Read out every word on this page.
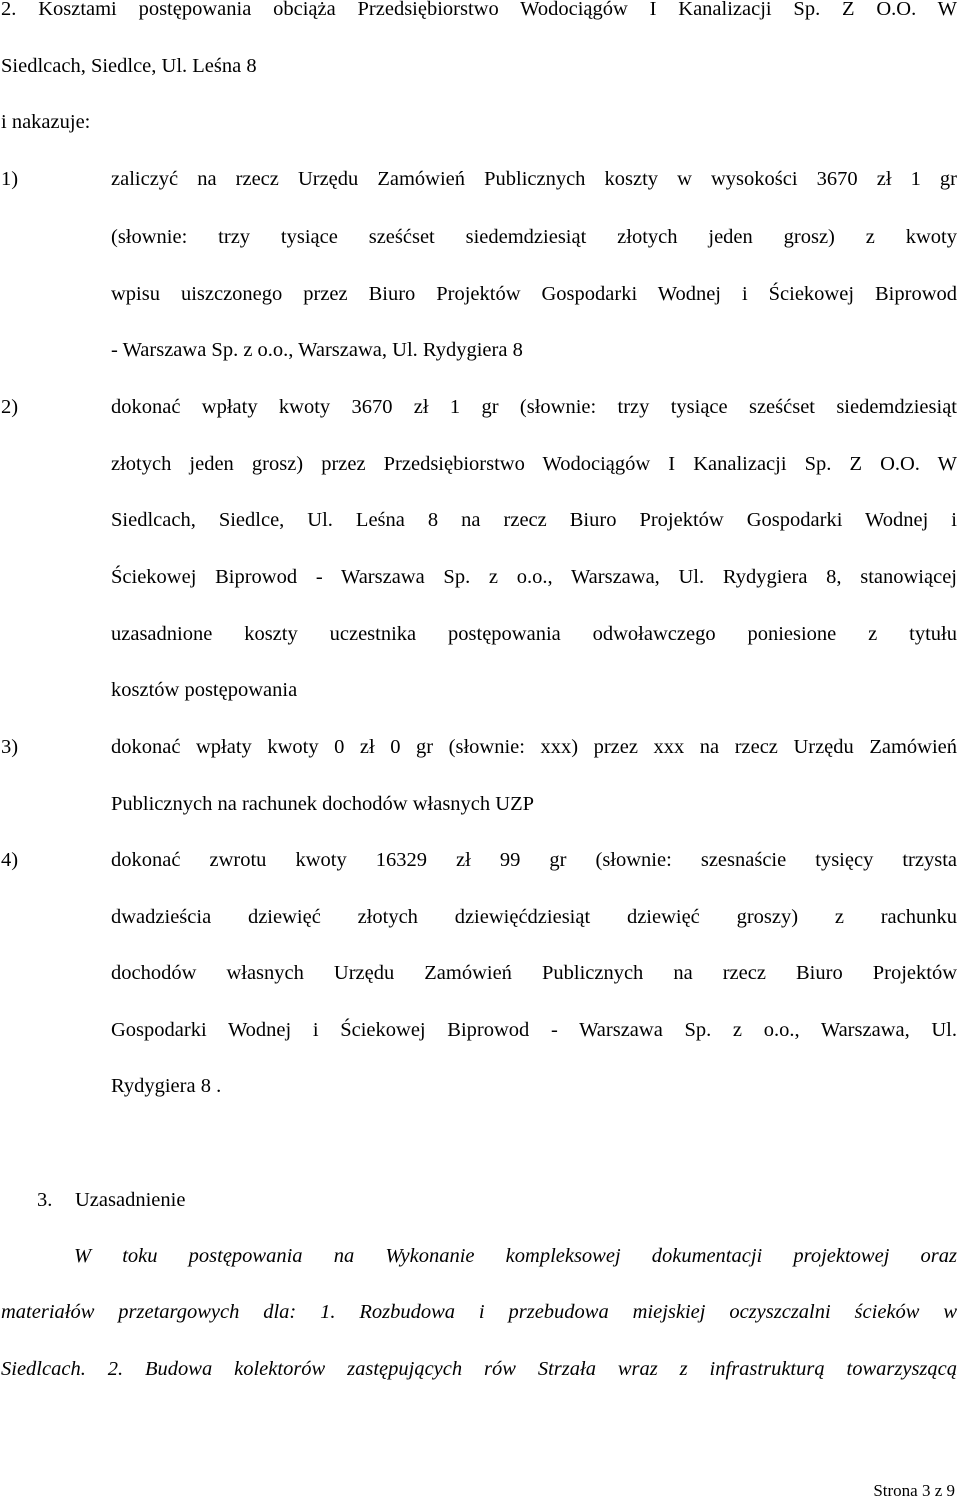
2. Kosztami postępowania obciąża Przedsiębiorstwo Wodociągów I Kanalizacji Sp. Z O.O. W
Siedlcach, Siedlce, Ul. Leśna 8
i nakazuje:
1)	zaliczyć na rzecz Urzędu Zamówień Publicznych koszty w wysokości 3670 zł 1 gr
(słownie: trzy tysiące sześćset siedemdziesiąt złotych jeden grosz) z kwoty
wpisu uiszczonego przez Biuro Projektów Gospodarki Wodnej i Ściekowej Biprowod
- Warszawa Sp. z o.o., Warszawa, Ul. Rydygiera 8
2)	dokonać wpłaty kwoty 3670 zł 1 gr (słownie: trzy tysiące sześćset siedemdziesiąt
złotych jeden grosz) przez Przedsiębiorstwo Wodociągów I Kanalizacji Sp. Z O.O. W
Siedlcach, Siedlce, Ul. Leśna 8 na rzecz Biuro Projektów Gospodarki Wodnej i
Ściekowej Biprowod - Warszawa Sp. z o.o., Warszawa, Ul. Rydygiera 8, stanowiącej
uzasadnione koszty uczestnika postępowania odwoławczego poniesione z tytułu
kosztów postępowania
3)	dokonać wpłaty kwoty 0 zł 0 gr (słownie: xxx) przez xxx na rzecz Urzędu Zamówień
Publicznych na rachunek dochodów własnych UZP
4)	dokonać zwrotu kwoty 16329 zł 99 gr (słownie: szesnaście tysięcy trzysta
dwadzieścia dziewięć złotych dziewięćdziesiąt dziewięć groszy) z rachunku
dochodów własnych Urzędu Zamówień Publicznych na rzecz Biuro Projektów
Gospodarki Wodnej i Ściekowej Biprowod - Warszawa Sp. z o.o., Warszawa, Ul.
Rydygiera 8 .
3. Uzasadnienie
W toku postępowania na Wykonanie kompleksowej dokumentacji projektowej oraz
materiałów przetargowych dla: 1. Rozbudowa i przebudowa miejskiej oczyszczalni ścieków w
Siedlcach. 2. Budowa kolektorów zastępujących rów Strzała wraz z infrastrukturą towarzyszącą
Strona 3 z 9
